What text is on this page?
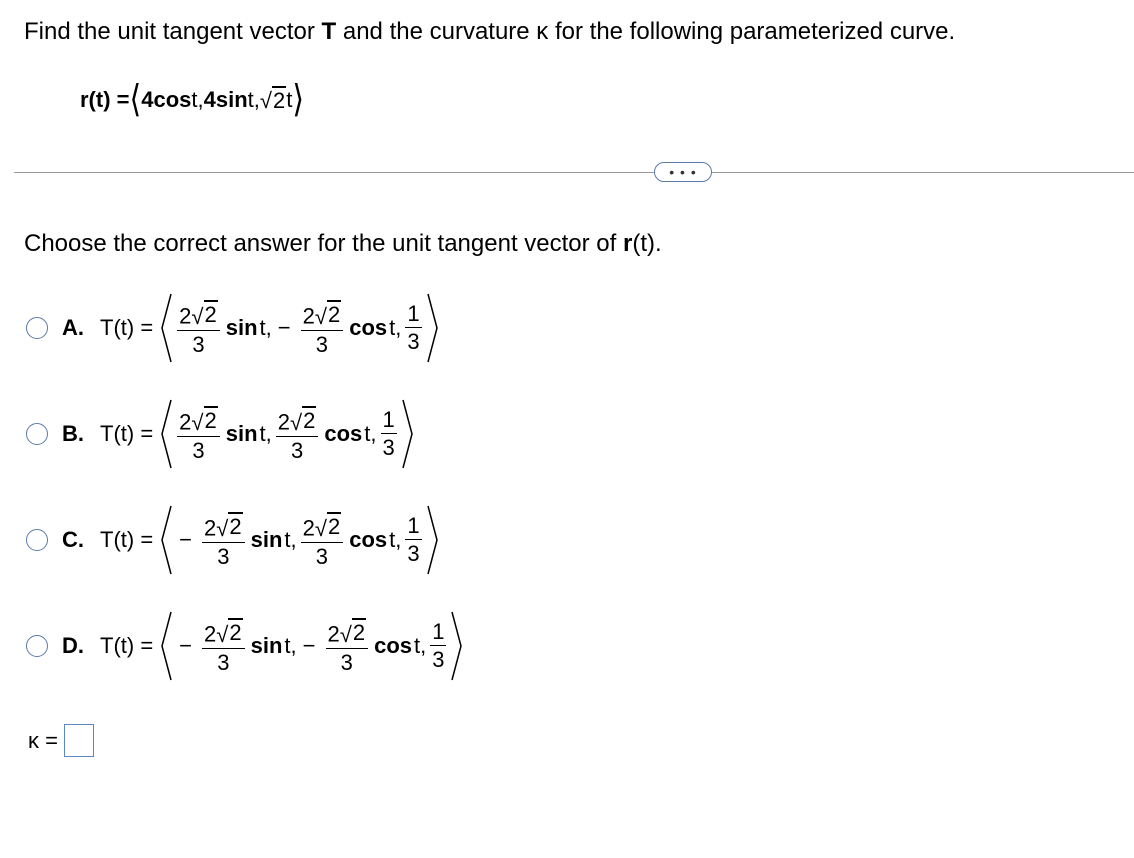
Find the unit tangent vector T and the curvature κ for the following parameterized curve.
r(t) = ⟨ 4 cos t, 4 sin t, √ 2 t ⟩
• • •
Choose the correct answer for the unit tangent vector of r(t).
A. $T(t) = \frac{2 √ 2}{3}$ sin t, − $\frac{2 √ 2}{3}$ cos t, $\frac{1}{3}$
B. $T(t) = \frac{2 √ 2}{3}$ sin t, $\frac{2 √ 2}{3}$ cos t, $\frac{1}{3}$
C. T(t) = − $\frac{2 √ 2}{3}$ sin t, $\frac{2 √ 2}{3}$ cos t, $\frac{1}{3}$
D. T(t) = − $\frac{2 √ 2}{3}$ sin t, − $\frac{2 √ 2}{3}$ cos t, $\frac{1}{3}$
κ =
